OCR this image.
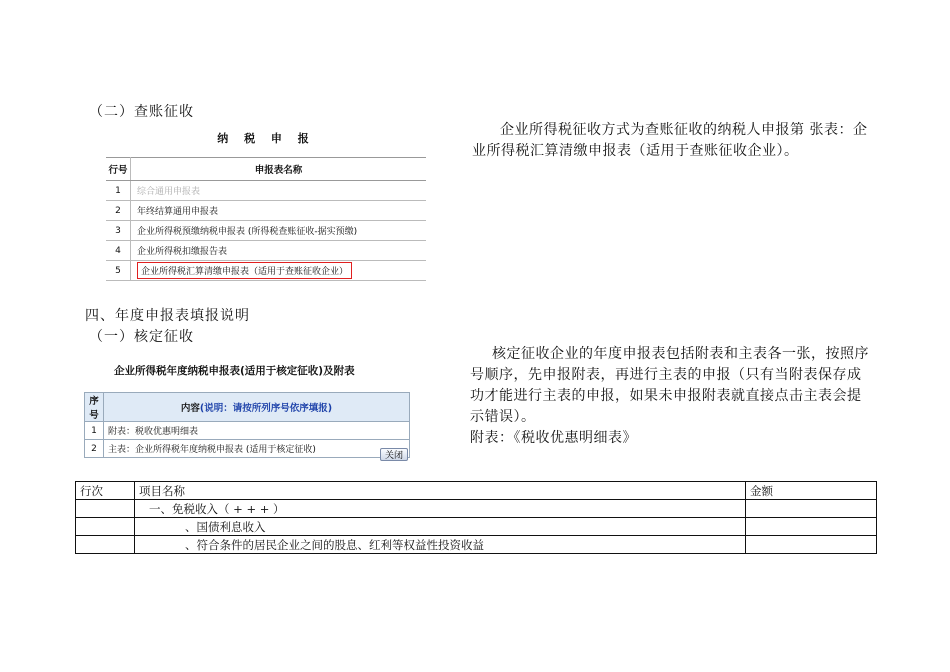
（二）查账征收
纳 税 申 报
行号	申报表名称
1	综合通用申报表
2	年终结算通用申报表
3	企业所得税预缴纳税申报表 (所得税查账征收-据实预缴)
4	企业所得税扣缴报告表
5	企业所得税汇算清缴申报表（适用于查账征收企业）
企业所得税征收方式为查账征收的纳税人申报第 张表：企业所得税汇算清缴申报表（适用于查账征收企业）。
四、年度申报表填报说明
（一）核定征收
企业所得税年度纳税申报表(适用于核定征收)及附表
序号	内容(说明：请按所列序号依序填报)
1	附表：税收优惠明细表
2	主表：企业所得税年度纳税申报表 (适用于核定征收)	关闭
核定征收企业的年度申报表包括附表和主表各一张，按照序号顺序，先申报附表，再进行主表的申报（只有当附表保存成功才能进行主表的申报，如果未申报附表就直接点击主表会提示错误）。
附表：《税收优惠明细表》
行次	项目名称	金额
	一、免税收入（ + + + ）	
	、国债利息收入	
	、符合条件的居民企业之间的股息、红利等权益性投资收益	
